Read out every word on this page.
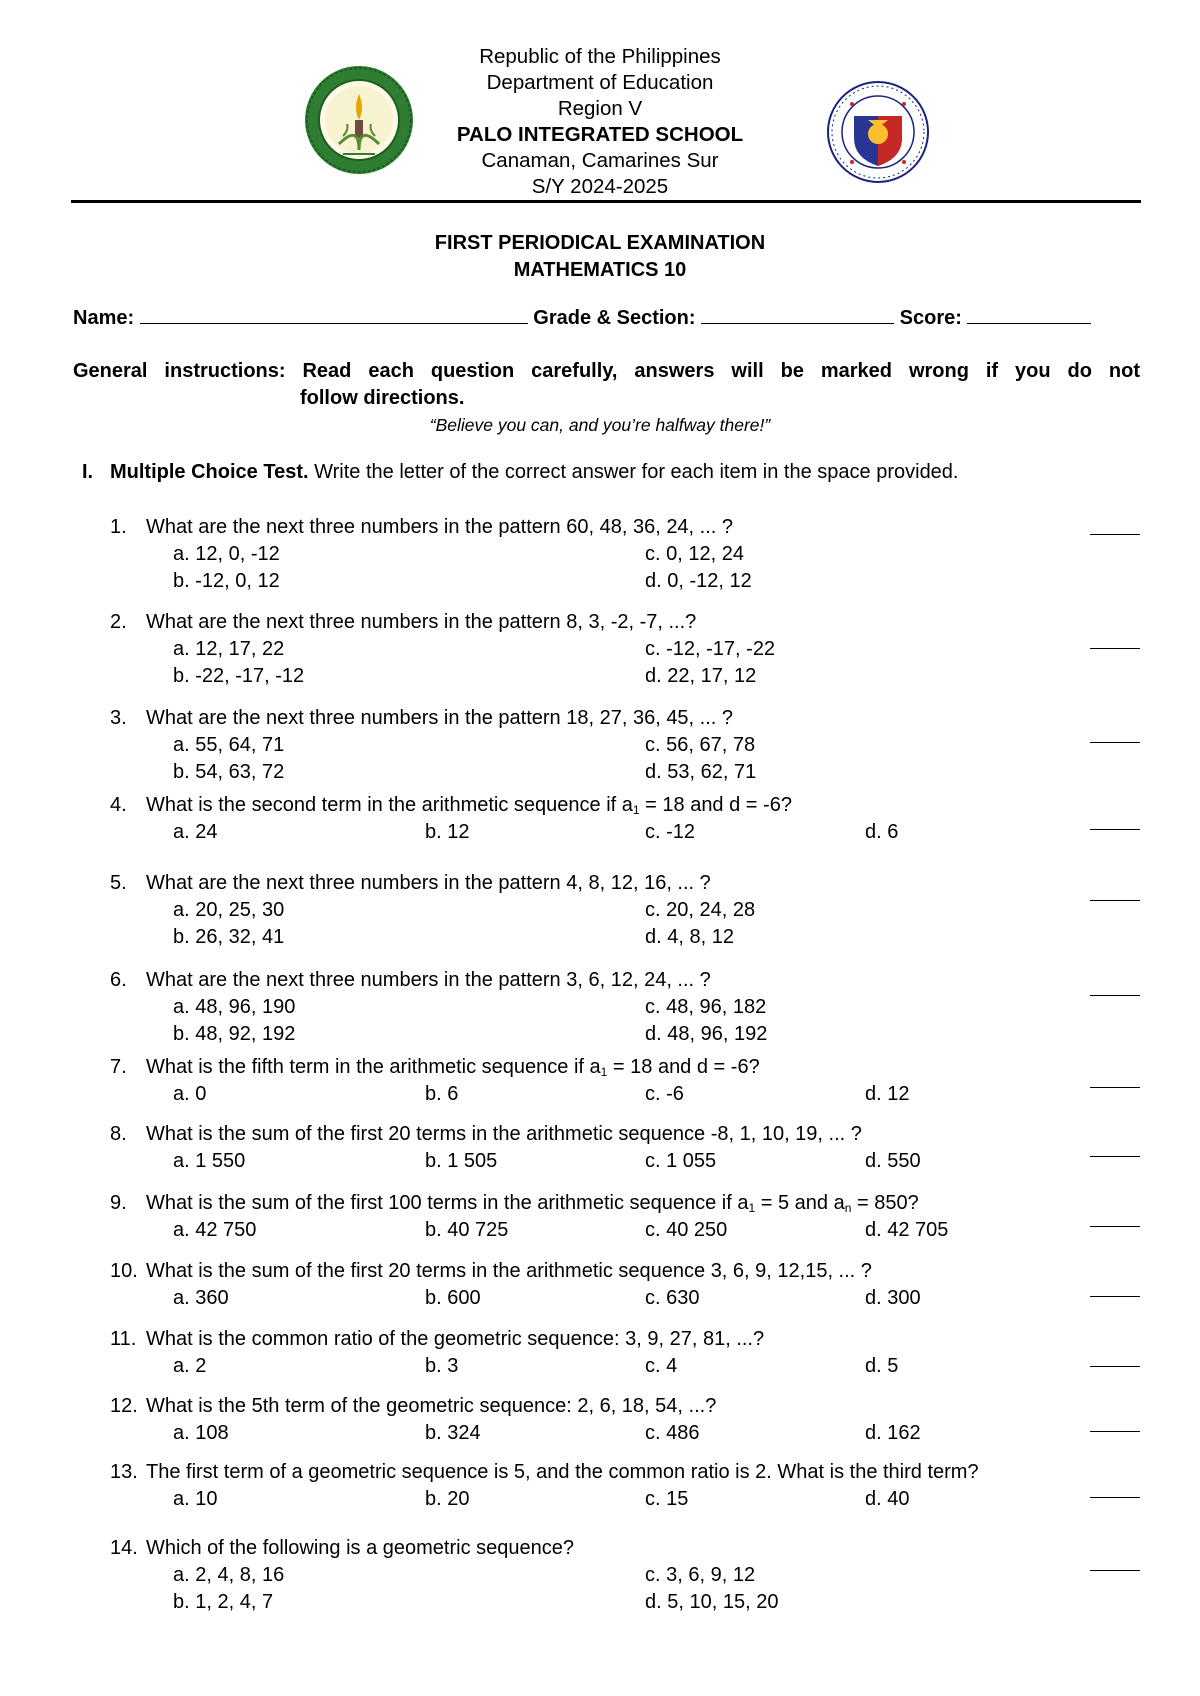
Republic of the Philippines
Department of Education
Region V
PALO INTEGRATED SCHOOL
Canaman, Camarines Sur
S/Y 2024-2025
FIRST PERIODICAL EXAMINATION
MATHEMATICS 10
Name:	Grade & Section:	Score:
General instructions: Read each question carefully, answers will be marked wrong if you do not
follow directions.
“Believe you can, and you’re halfway there!”
I. Multiple Choice Test. Write the letter of the correct answer for each item in the space provided.
1. What are the next three numbers in the pattern 60, 48, 36, 24, ... ?
a. 12, 0, -12	c. 0, 12, 24
b. -12, 0, 12	d. 0, -12, 12
2. What are the next three numbers in the pattern 8, 3, -2, -7, ...?
a. 12, 17, 22	c. -12, -17, -22
b. -22, -17, -12	d. 22, 17, 12
3. What are the next three numbers in the pattern 18, 27, 36, 45, ... ?
a. 55, 64, 71	c. 56, 67, 78
b. 54, 63, 72	d. 53, 62, 71
4. What is the second term in the arithmetic sequence if $a_1 = 18$ and d = -6?
a. 24	b. 12	c. -12	d. 6
5. What are the next three numbers in the pattern 4, 8, 12, 16, ... ?
a. 20, 25, 30	c. 20, 24, 28
b. 26, 32, 41	d. 4, 8, 12
6. What are the next three numbers in the pattern 3, 6, 12, 24, ... ?
a. 48, 96, 190	c. 48, 96, 182
b. 48, 92, 192	d. 48, 96, 192
7. What is the fifth term in the arithmetic sequence if $a_1 = 18$ and d = -6?
a. 0	b. 6	c. -6	d. 12
8. What is the sum of the first 20 terms in the arithmetic sequence -8, 1, 10, 19, ... ?
a. 1 550	b. 1 505	c. 1 055	d. 550
9. What is the sum of the first 100 terms in the arithmetic sequence if $a_1 = 5$ and $a_n = 850$?
a. 42 750	b. 40 725	c. 40 250	d. 42 705
10. What is the sum of the first 20 terms in the arithmetic sequence 3, 6, 9, 12,15, ... ?
a. 360	b. 600	c. 630	d. 300
11. What is the common ratio of the geometric sequence: 3, 9, 27, 81, ...?
a. 2	b. 3	c. 4	d. 5
12. What is the 5th term of the geometric sequence: 2, 6, 18, 54, ...?
a. 108	b. 324	c. 486	d. 162
13. The first term of a geometric sequence is 5, and the common ratio is 2. What is the third term?
a. 10	b. 20	c. 15	d. 40
14. Which of the following is a geometric sequence?
a. 2, 4, 8, 16	c. 3, 6, 9, 12
b. 1, 2, 4, 7	d. 5, 10, 15, 20
